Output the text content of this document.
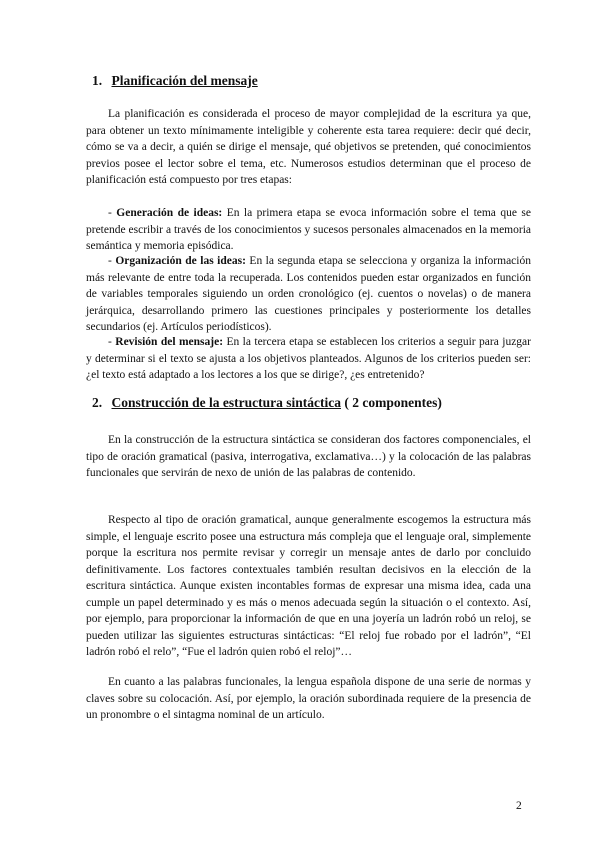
1. Planificación del mensaje

La planificación es considerada el proceso de mayor complejidad de la escritura ya que, para obtener un texto mínimamente inteligible y coherente esta tarea requiere: decir qué decir, cómo se va a decir, a quién se dirige el mensaje, qué objetivos se pretenden, qué conocimientos previos posee el lector sobre el tema, etc. Numerosos estudios determinan que el proceso de planificación está compuesto por tres etapas:

- Generación de ideas: En la primera etapa se evoca información sobre el tema que se pretende escribir a través de los conocimientos y sucesos personales almacenados en la memoria semántica y memoria episódica.

- Organización de las ideas: En la segunda etapa se selecciona y organiza la información más relevante de entre toda la recuperada. Los contenidos pueden estar organizados en función de variables temporales siguiendo un orden cronológico (ej. cuentos o novelas) o de manera jerárquica, desarrollando primero las cuestiones principales y posteriormente los detalles secundarios (ej. Artículos periodísticos).

- Revisión del mensaje: En la tercera etapa se establecen los criterios a seguir para juzgar y determinar si el texto se ajusta a los objetivos planteados. Algunos de los criterios pueden ser: ¿el texto está adaptado a los lectores a los que se dirige?, ¿es entretenido?

2. Construcción de la estructura sintáctica ( 2 componentes)

En la construcción de la estructura sintáctica se consideran dos factores componenciales, el tipo de oración gramatical (pasiva, interrogativa, exclamativa…) y la colocación de las palabras funcionales que servirán de nexo de unión de las palabras de contenido.

Respecto al tipo de oración gramatical, aunque generalmente escogemos la estructura más simple, el lenguaje escrito posee una estructura más compleja que el lenguaje oral, simplemente porque la escritura nos permite revisar y corregir un mensaje antes de darlo por concluido definitivamente. Los factores contextuales también resultan decisivos en la elección de la escritura sintáctica. Aunque existen incontables formas de expresar una misma idea, cada una cumple un papel determinado y es más o menos adecuada según la situación o el contexto. Así, por ejemplo, para proporcionar la información de que en una joyería un ladrón robó un reloj, se pueden utilizar las siguientes estructuras sintácticas: “El reloj fue robado por el ladrón”, “El ladrón robó el relo”, “Fue el ladrón quien robó el reloj”…

En cuanto a las palabras funcionales, la lengua española dispone de una serie de normas y claves sobre su colocación. Así, por ejemplo, la oración subordinada requiere de la presencia de un pronombre o el sintagma nominal de un artículo.

2
